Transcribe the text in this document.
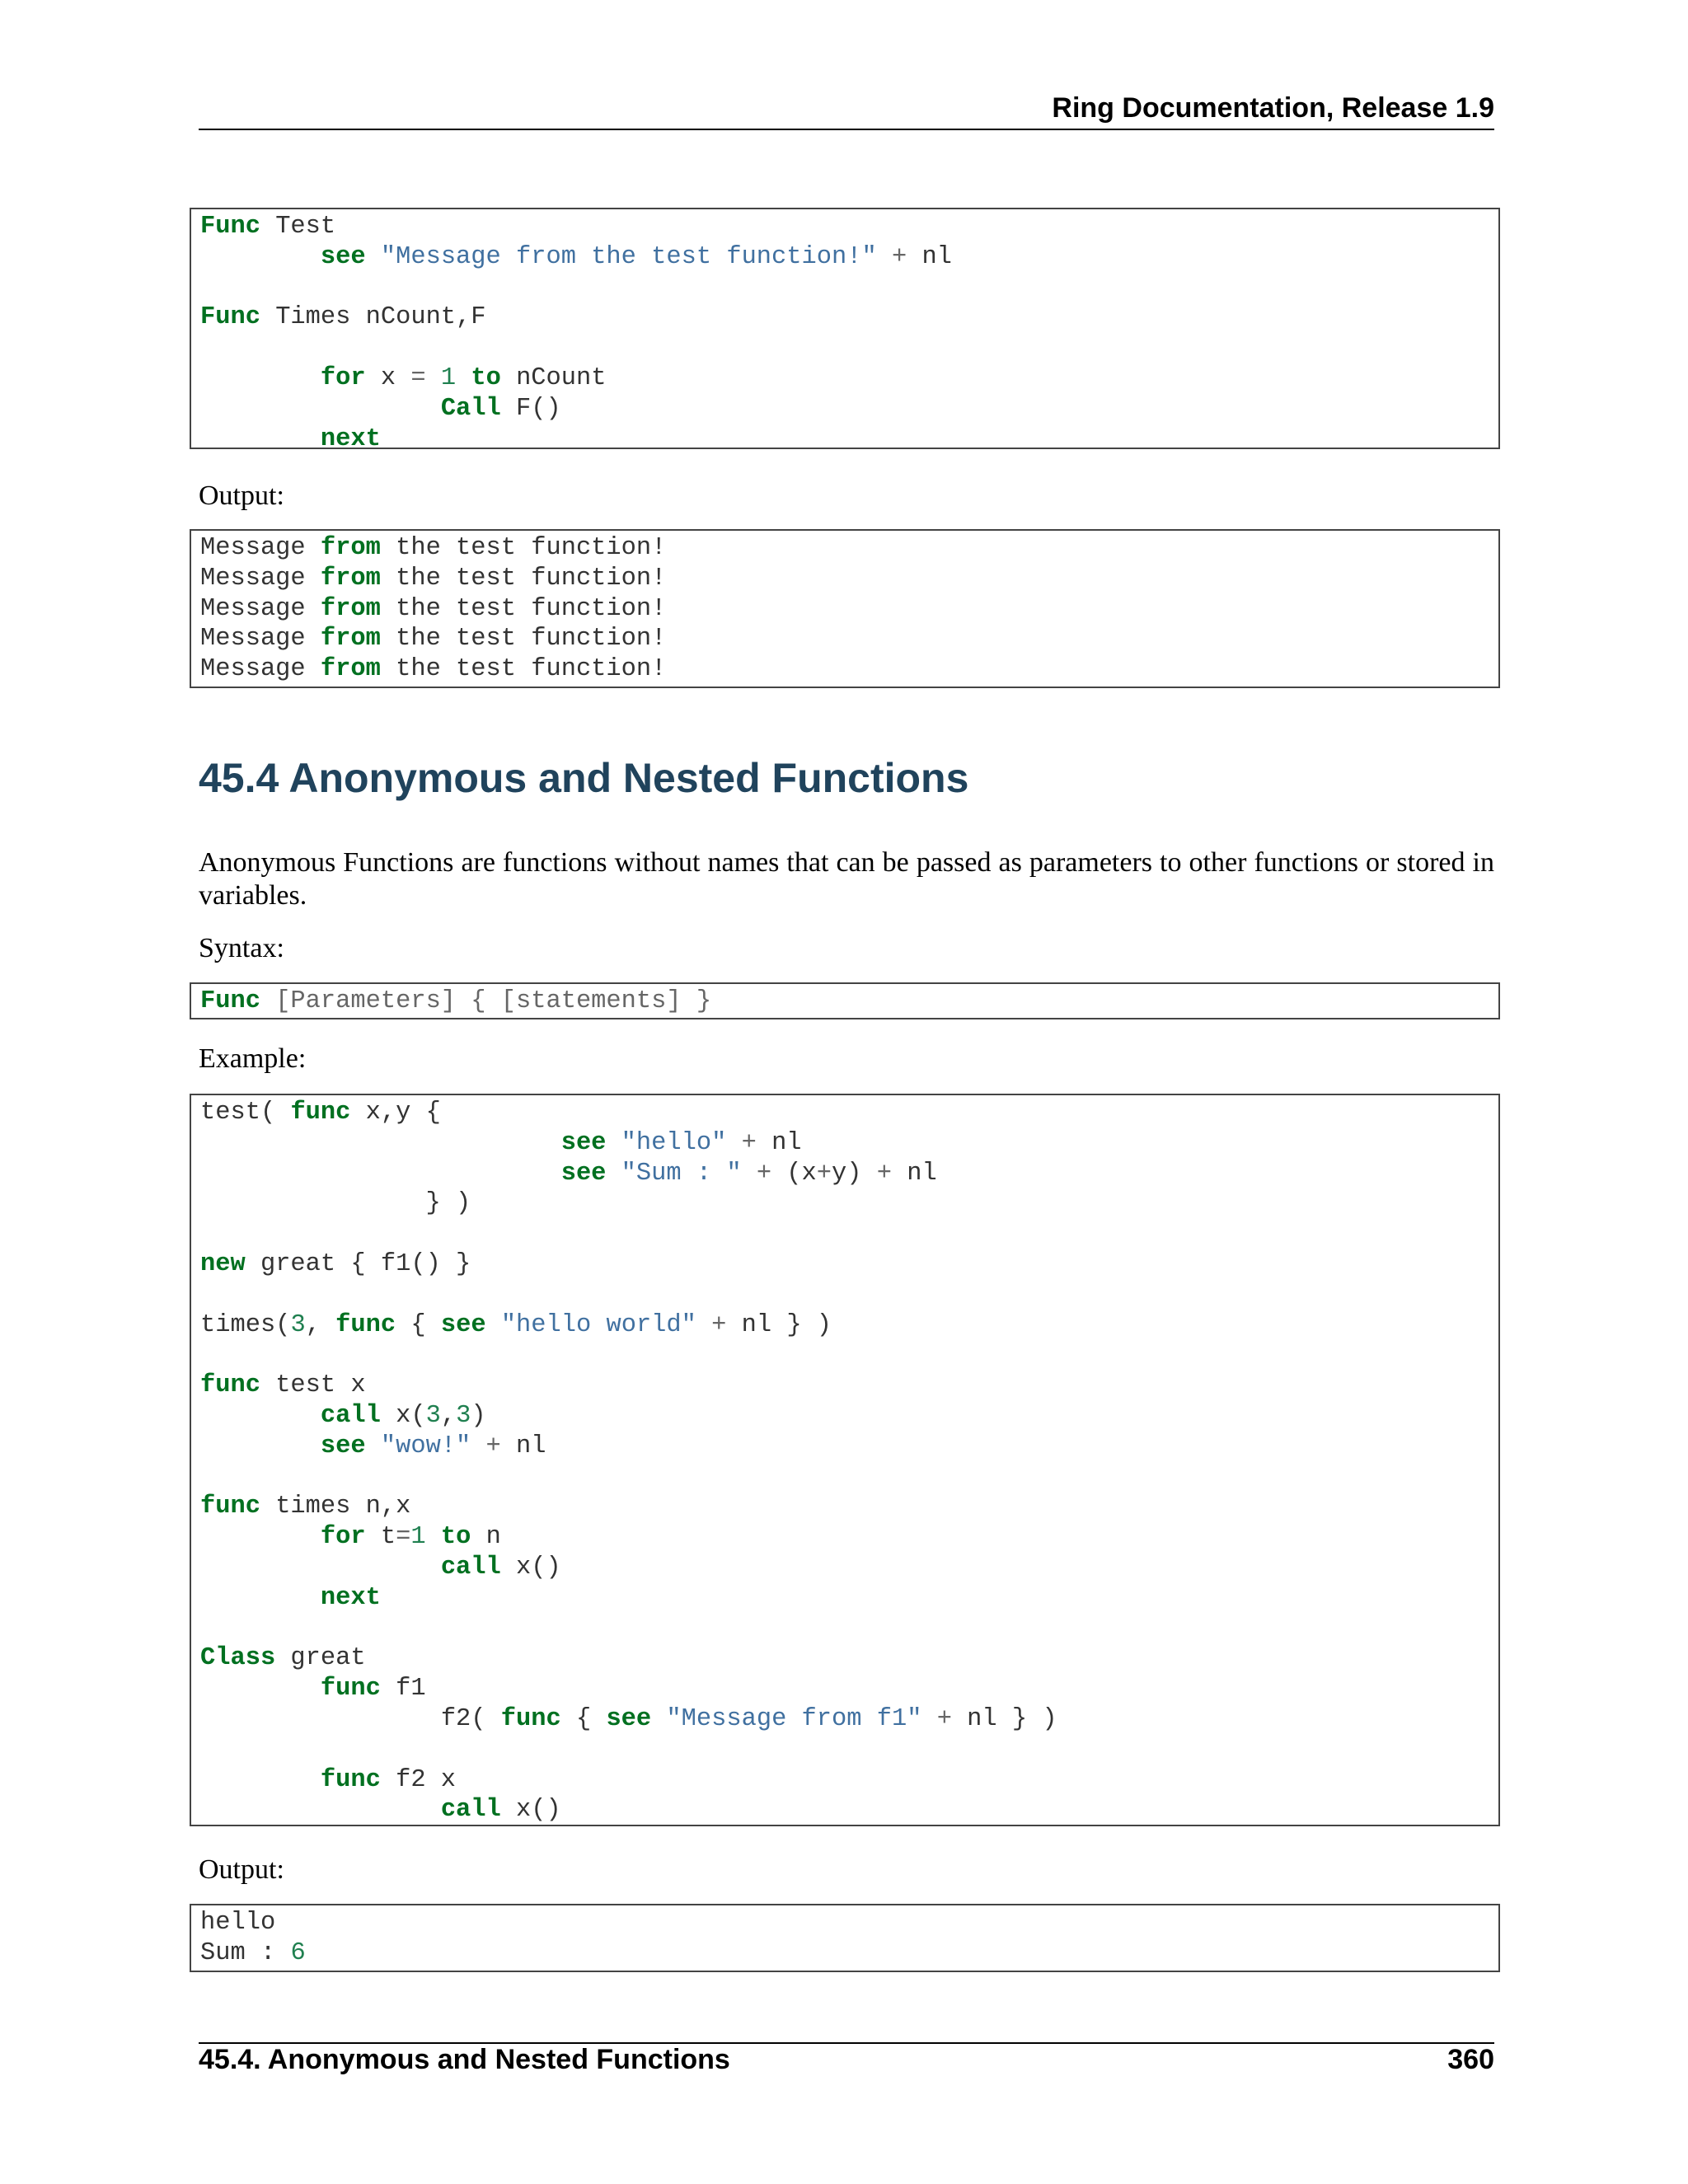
Ring Documentation, Release 1.9

Func Test
see "Message from the test function!" + nl
Func Times nCount,F
for x = 1 to nCount
Call F()
next

Output:

Message from the test function!
Message from the test function!
Message from the test function!
Message from the test function!
Message from the test function!
45.4 Anonymous and Nested Functions

Anonymous Functions are functions without names that can be passed as parameters to other functions or stored in variables.

Syntax:

Func [Parameters] { [statements] }

Example:

test( func x,y {
see "hello" + nl
see "Sum : " + (x+y) + nl
} )
new great { f1() }
times(3, func { see "hello world" + nl } )
func test x
call x(3,3)
see "wow!" + nl
func times n,x
for t=1 to n
call x()
next
Class great
func f1
f2( func { see "Message from f1" + nl } )
func f2 x
call x()

Output:

hello
Sum : 6

45.4. Anonymous and Nested Functions	360
